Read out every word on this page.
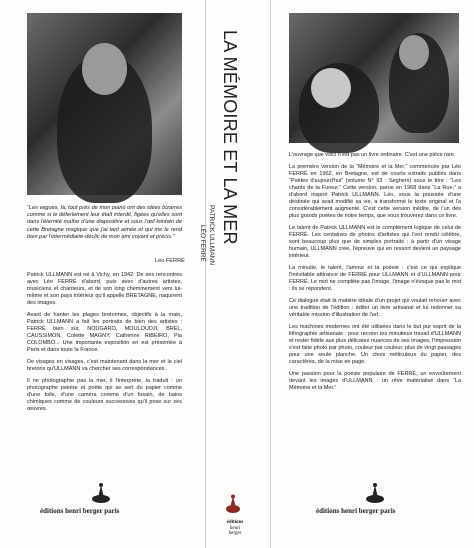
“Les vagues, là, tout près de mon piano ont des idées bizarres comme si le déferlement leur était interdit, figées qu'elles sont dans l'éternité maître d'une diapositive et sous l'œil lointain de cette Bretagne magique que j'ai tant aimée et qui me le rend bien par l'intermédiaire-déclic de mon ami voyant et précis.”
Léo FERRÉ

Patrick ULLMANN est né à Vichy, en 1942. De ses rencontres avec Léo FERRÉ d'abord, puis avec d'autres artistes, musiciens et chanteurs, et de son long cheminement vers lui-même et son pays intérieur qu'il appelle BRETAGNE, naquirent des images.

Avant de hanter les plages bretonnes, objectifs à la main, Patrick ULLMANN a fait les portraits de bien des artistes : FERRÉ bien sûr, NOUGARO, MOULOUDJI, BREL, CAUSSIMON, Colette MAGNY, Catherine RIBEIRO, Pia COLOMBO... Une importante exposition en est présentée à Paris et dans toute la France.

De visages en visages, c'est maintenant dans la mer et le ciel bretons qu'ULLMANN va chercher ses correspondances.

Il ne photographie pas la mer, il l'interprète, la traduit : un photographe peintre et poète qui se sert du papier comme d'une toile, d'une caméra comme d'un fusain, de bains chimiques comme de couleurs successives qu'il pose sur ses œuvres.

éditions henri berger paris
LA MÉMOIRE ET LA MER
PATRICK ULLMANN
LÉO FERRÉ
éditions
henri
berger

L'ouvrage que voici n'est pas un livre ordinaire. C'est une pièce rare.

La première version de la “Mémoire et la Mer,” commencée par Léo FERRÉ en 1962, en Bretagne, est de courts extraits publiés dans “Poètes d'aujourd'hui” (volume N° 93 : Seghers) sous le titre : “Les chants de la Fureur.” Cette version, parue en 1968 dans “La Rue,” a d'abord inspiré Patrick ULLMANN. Léo, sous la poussée d'une destinée qui avait modifié sa vie, a transformé le texte original et l'a considérablement augmenté. C'est cette version inédite, de l'un des plus grands poètes de notre temps, que vous trouverez dans ce livre.

Le talent de Patrick ULLMANN est le complément logique de celui de FERRÉ. Les centaines de photos d'artistes qui l'ont rendu célèbre, sont beaucoup plus que de simples portraits : à partir d'un visage humain, ULLMANN crée, l'épreuve qui en ressort devient un paysage intérieur.

La minutie, le talent, l'amour et la poésie : c'est ce qui explique l'inévitable attirance de FERRÉ pour ULLMANN et d'ULLMANN pour FERRÉ. Le mot ne complète pas l'image, l'image n'évoque pas le mot : ils se répondent.

Ce dialogue était là matière idéale d'un projet qui voulait renouer avec une tradition de l'édition : éditer un livre artisanal et lui redonner sa véritable mission d'illustration de l'art.

Les machines modernes ont été utilisées dans le but pur esprit de la lithographie artisanale : pour recréer les minutieux travail d'ULLMANN et rester fidèle aux plus délicates nuances de ses images, l'impression s'est faite photo par photo, couleur par couleur, plus de vingt passages pour une seule planche. Un choix méticuleux du papier, des caractères, de la mise en page.

Une passion pour la poésie populaire de FERRÉ, un envoûtement devant les images d'ULLMANN : un rêve matérialisé dans “La Mémoire et la Mer.”

éditions henri berger paris
